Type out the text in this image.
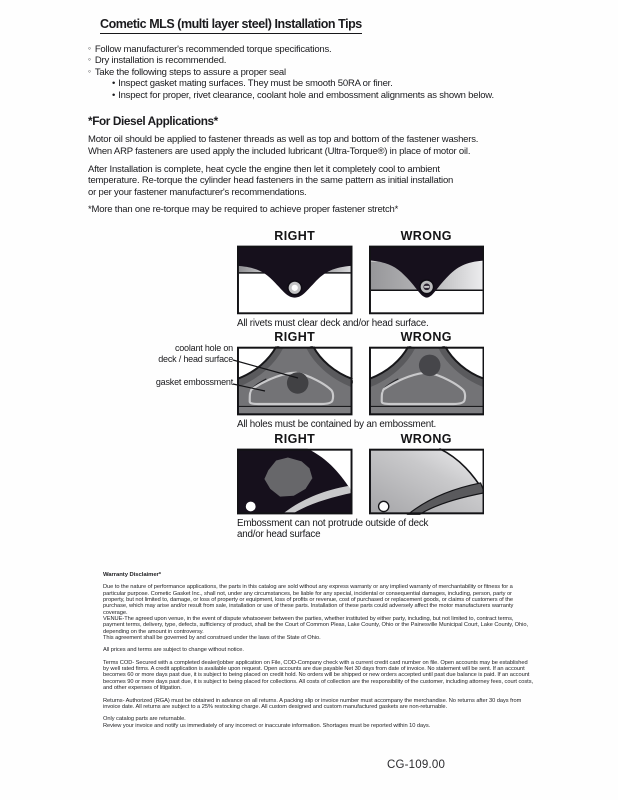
Cometic MLS (multi layer steel) Installation Tips
◦ Follow manufacturer's recommended torque specifications.
◦ Dry installation is recommended.
◦ Take the following steps to assure a proper seal
• Inspect gasket mating surfaces. They must be smooth 50RA or finer.
• Inspect for proper, rivet clearance, coolant hole and embossment alignments as shown below.
*For Diesel Applications*

Motor oil should be applied to fastener threads as well as top and bottom of the fastener washers.
When ARP fasteners are used apply the included lubricant (Ultra-Torque®) in place of motor oil.

After Installation is complete, heat cycle the engine then let it completely cool to ambient
temperature. Re-torque the cylinder head fasteners in the same pattern as initial installation
or per your fastener manufacturer's recommendations.

*More than one re-torque may be required to achieve proper fastener stretch*

RIGHT	WRONG
All rivets must clear deck and/or head surface.
RIGHT	WRONG
All holes must be contained by an embossment.
coolant hole on
deck / head surface
gasket embossment
RIGHT	WRONG
Embossment can not protrude outside of deck
and/or head surface
Warranty Disclaimer*

Due to the nature of performance applications, the parts in this catalog are sold without any express warranty or any implied warranty of merchantability or fitness for a particular purpose. Cometic Gasket Inc., shall not, under any circumstances, be liable for any special, incidental or consequential damages, including, person, party or property, but not limited to, damage, or loss of property or equipment, loss of profits or revenue, cost of purchased or replacement goods, or claims of customers of the purchase, which may arise and/or result from sale, installation or use of these parts. Installation of these parts could adversely affect the motor manufacturers warranty coverage.

VENUE-The agreed upon venue, in the event of dispute whatsoever between the parties, whether instituted by either party, including, but not limited to, contract terms, payment terms, delivery, type, defects, sufficiency of product, shall be the Court of Common Pleas, Lake County, Ohio or the Painesville Municipal Court, Lake County, Ohio, depending on the amount in controversy.

This agreement shall be governed by and construed under the laws of the State of Ohio.

All prices and terms are subject to change without notice.

Terms COD- Secured with a completed dealer/jobber application on File, COD-Company check with a current credit card number on file. Open accounts may be established by well rated firms. A credit application is available upon request. Open accounts are due payable Net 30 days from date of invoice. No statement will be sent. If an account becomes 60 or more days past due, it is subject to being placed on credit hold. No orders will be shipped or new orders accepted until past due balance is paid. If an account becomes 90 or more days past due, it is subject to being placed for collections. All costs of collection are the responsibility of the customer, including attorney fees, court costs, and other expenses of litigation.

Returns- Authorized (RGA) must be obtained in advance on all returns. A packing slip or invoice number must accompany the merchandise. No returns after 30 days from invoice date. All returns are subject to a 25% restocking charge. All custom designed and custom manufactured gaskets are non-returnable.

Only catalog parts are returnable.

Review your invoice and notify us immediately of any incorrect or inaccurate information. Shortages must be reported within 10 days.

CG-109.00
